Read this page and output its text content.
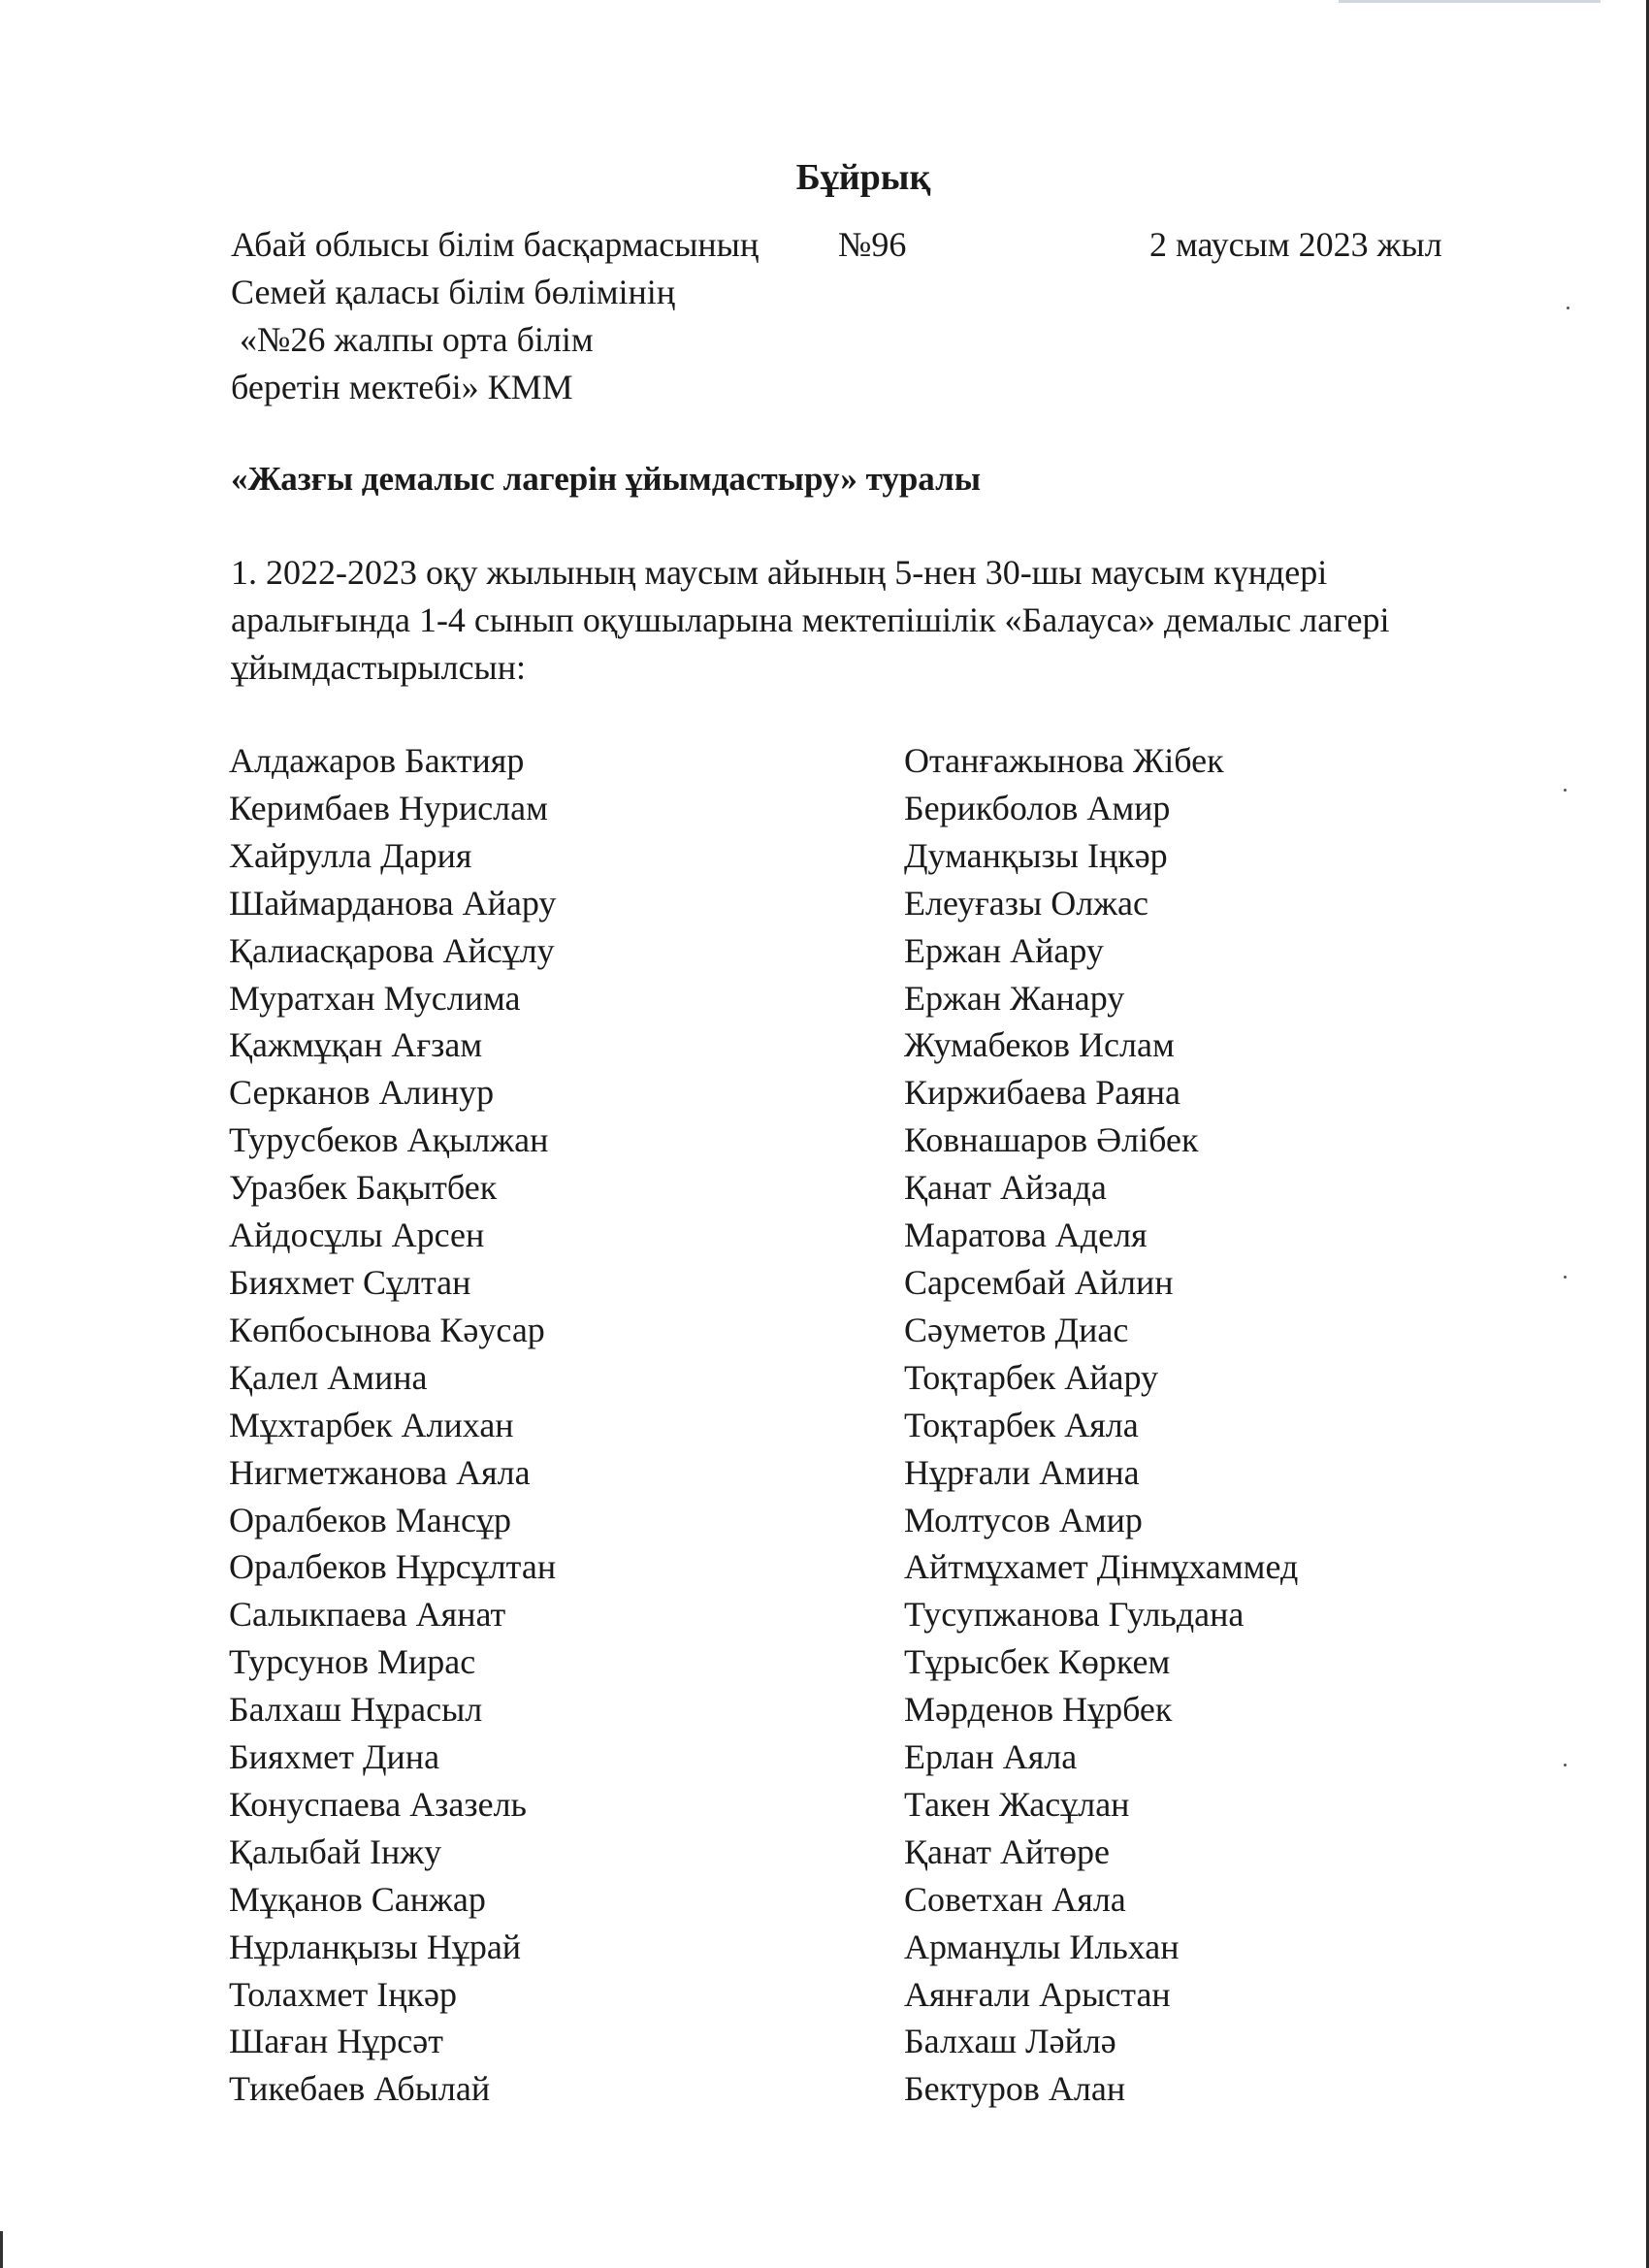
Бұйрық
Абай облысы білім басқармасының
Семей қаласы білім бөлімінің
«№26 жалпы орта білім
беретін мектебі» КММ
№96	2 маусым 2023 жыл
«Жазғы демалыс лагерін ұйымдастыру» туралы
1. 2022-2023 оқу жылының маусым айының 5-нен 30-шы маусым күндері
аралығында 1-4 сынып оқушыларына мектепішілік «Балауса» демалыс лагері
ұйымдастырылсын:
Алдажаров Бактияр
Керимбаев Нурислам
Хайрулла Дария
Шаймарданова Айару
Қалиасқарова Айсұлу
Муратхан Муслима
Қажмұқан Ағзам
Серканов Алинур
Турусбеков Ақылжан
Уразбек Бақытбек
Айдосұлы Арсен
Бияхмет Сұлтан
Көпбосынова Кәусар
Қалел Амина
Мұхтарбек Алихан
Нигметжанова Аяла
Оралбеков Мансұр
Оралбеков Нұрсұлтан
Салыкпаева Аянат
Турсунов Мирас
Балхаш Нұрасыл
Бияхмет Дина
Конуспаева Азазель
Қалыбай Інжу
Мұқанов Санжар
Нұрланқызы Нұрай
Толахмет Іңкәр
Шаған Нұрсәт
Тикебаев Абылай
Отанғажынова Жібек
Берикболов Амир
Думанқызы Іңкәр
Елеуғазы Олжас
Ержан Айару
Ержан Жанару
Жумабеков Ислам
Киржибаева Раяна
Ковнашаров Әлібек
Қанат Айзада
Маратова Аделя
Сарсембай Айлин
Сәуметов Диас
Тоқтарбек Айару
Тоқтарбек Аяла
Нұрғали Амина
Молтусов Амир
Айтмұхамет Дінмұхаммед
Тусупжанова Гульдана
Тұрысбек Көркем
Мәрденов Нұрбек
Ерлан Аяла
Такен Жасұлан
Қанат Айтөре
Советхан Аяла
Арманұлы Ильхан
Аянғали Арыстан
Балхаш Ләйлә
Бектуров Алан
